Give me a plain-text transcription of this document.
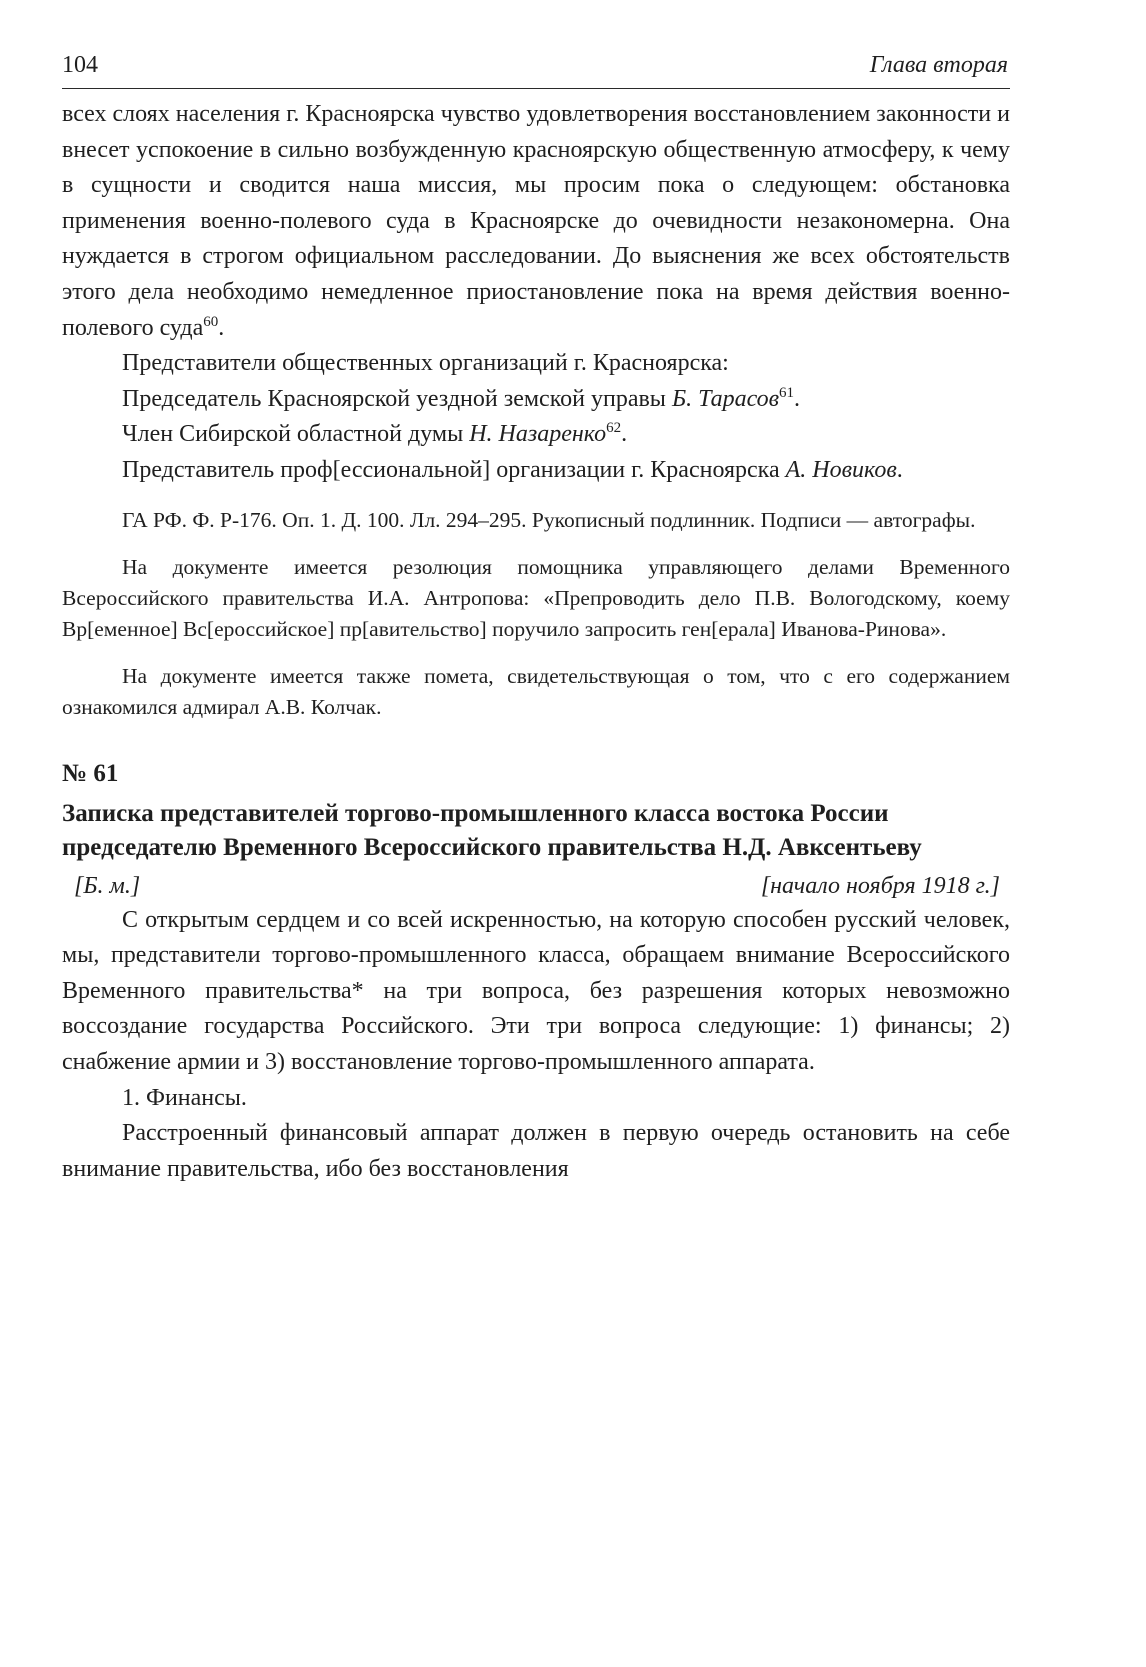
104	Глава вторая

всех слоях населения г. Красноярска чувство удовлетворения восстановлением законности и внесет успокоение в сильно возбужденную красноярскую общественную атмосферу, к чему в сущности и сводится наша миссия, мы просим пока о следующем: обстановка применения военно-полевого суда в Красноярске до очевидности незакономерна. Она нуждается в строгом официальном расследовании. До выяснения же всех обстоятельств этого дела необходимо немедленное приостановление пока на время действия военно-полевого суда$^{60}$.

Представители общественных организаций г. Красноярска:

Председатель Красноярской уездной земской управы Б. Тарасов$^{61}$.

Член Сибирской областной думы Н. Назаренко$^{62}$.

Представитель проф[ессиональной] организации г. Красноярска А. Новиков.

ГА РФ. Ф. Р-176. Оп. 1. Д. 100. Лл. 294–295. Рукописный подлинник. Подписи — автографы.

На документе имеется резолюция помощника управляющего делами Временного Всероссийского правительства И.А. Антропова: «Препроводить дело П.В. Вологодскому, коему Вр[еменное] Вс[ероссийское] пр[авительство] поручило запросить ген[ерала] Иванова-Ринова».

На документе имеется также помета, свидетельствующая о том, что с его содержанием ознакомился адмирал А.В. Колчак.

№ 61
Записка представителей торгово-промышленного класса востока России председателю Временного Всероссийского правительства Н.Д. Авксентьеву
[Б. м.]	[начало ноября 1918 г.]

С открытым сердцем и со всей искренностью, на которую способен русский человек, мы, представители торгово-промышленного класса, обращаем внимание Всероссийского Временного правительства* на три вопроса, без разрешения которых невозможно воссоздание государства Российского. Эти три вопроса следующие: 1) финансы; 2) снабжение армии и 3) восстановление торгово-промышленного аппарата.

1. Финансы.

Расстроенный финансовый аппарат должен в первую очередь остановить на себе внимание правительства, ибо без восстановления
